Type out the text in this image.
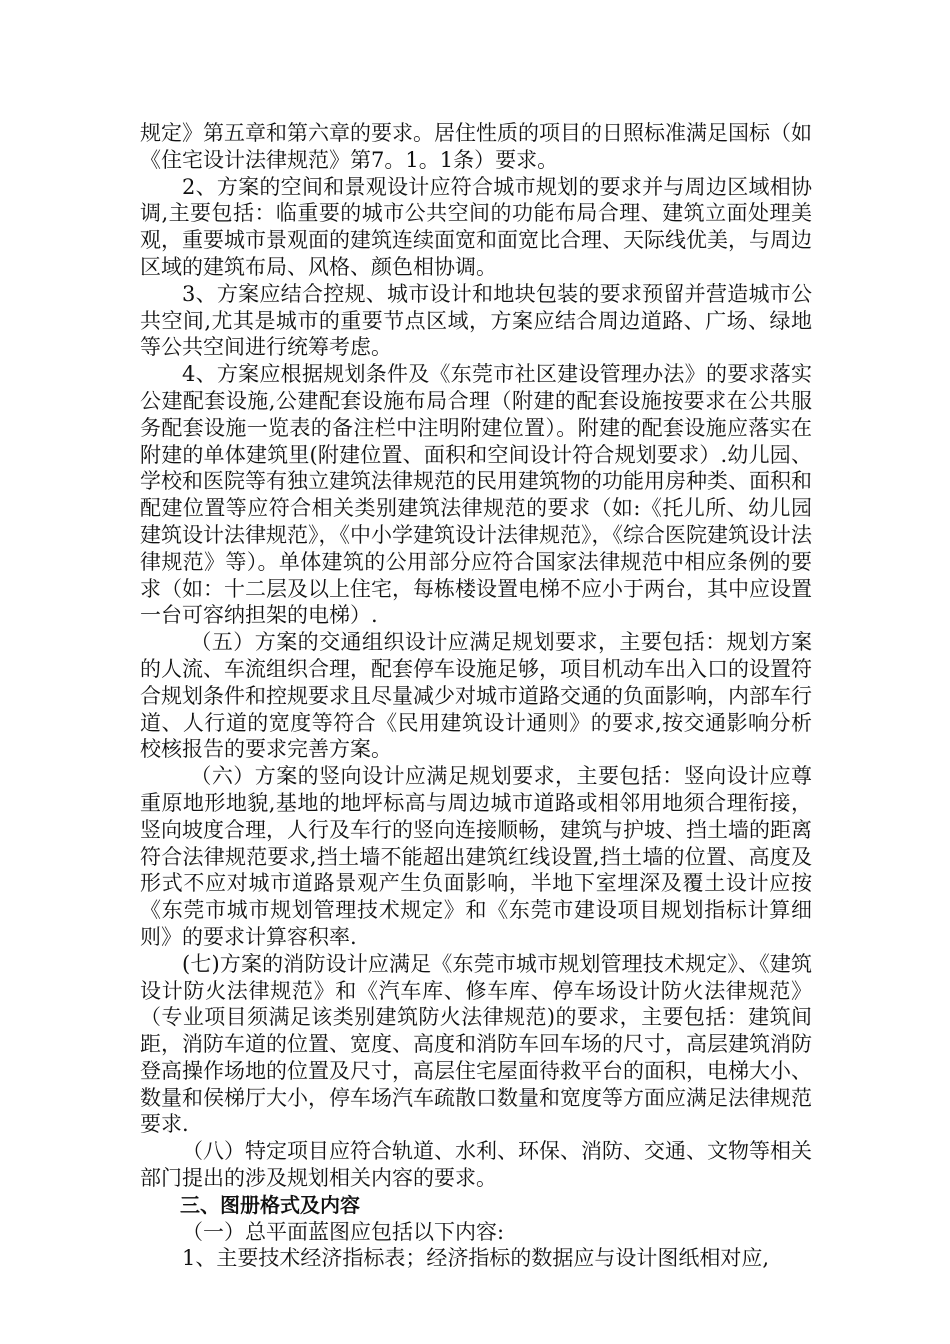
规定》第五章和第六章的要求。居住性质的项目的日照标准满足国标（如《住宅设计法律规范》第7。1。1条）要求。

2、方案的空间和景观设计应符合城市规划的要求并与周边区域相协调,主要包括：临重要的城市公共空间的功能布局合理、建筑立面处理美观，重要城市景观面的建筑连续面宽和面宽比合理、天际线优美，与周边区域的建筑布局、风格、颜色相协调。

3、方案应结合控规、城市设计和地块包装的要求预留并营造城市公共空间,尤其是城市的重要节点区域，方案应结合周边道路、广场、绿地等公共空间进行统筹考虑。

4、方案应根据规划条件及《东莞市社区建设管理办法》的要求落实公建配套设施,公建配套设施布局合理（附建的配套设施按要求在公共服务配套设施一览表的备注栏中注明附建位置）。附建的配套设施应落实在附建的单体建筑里(附建位置、面积和空间设计符合规划要求）.幼儿园、学校和医院等有独立建筑法律规范的民用建筑物的功能用房种类、面积和配建位置等应符合相关类别建筑法律规范的要求（如:《托儿所、幼儿园建筑设计法律规范》，《中小学建筑设计法律规范》，《综合医院建筑设计法律规范》等）。单体建筑的公用部分应符合国家法律规范中相应条例的要求（如：十二层及以上住宅，每栋楼设置电梯不应小于两台，其中应设置一台可容纳担架的电梯）.

（五）方案的交通组织设计应满足规划要求，主要包括：规划方案的人流、车流组织合理，配套停车设施足够，项目机动车出入口的设置符合规划条件和控规要求且尽量减少对城市道路交通的负面影响，内部车行道、人行道的宽度等符合《民用建筑设计通则》的要求,按交通影响分析校核报告的要求完善方案。

（六）方案的竖向设计应满足规划要求，主要包括：竖向设计应尊重原地形地貌,基地的地坪标高与周边城市道路或相邻用地须合理衔接，竖向坡度合理，人行及车行的竖向连接顺畅，建筑与护坡、挡土墙的距离符合法律规范要求,挡土墙不能超出建筑红线设置,挡土墙的位置、高度及形式不应对城市道路景观产生负面影响，半地下室埋深及覆土设计应按《东莞市城市规划管理技术规定》和《东莞市建设项目规划指标计算细则》的要求计算容积率.

(七)方案的消防设计应满足《东莞市城市规划管理技术规定》、《建筑设计防火法律规范》和《汽车库、修车库、停车场设计防火法律规范》（专业项目须满足该类别建筑防火法律规范)的要求，主要包括：建筑间距，消防车道的位置、宽度、高度和消防车回车场的尺寸，高层建筑消防登高操作场地的位置及尺寸，高层住宅屋面待救平台的面积，电梯大小、数量和侯梯厅大小，停车场汽车疏散口数量和宽度等方面应满足法律规范要求.

（八）特定项目应符合轨道、水利、环保、消防、交通、文物等相关部门提出的涉及规划相关内容的要求。

三、图册格式及内容

（一）总平面蓝图应包括以下内容:

1、主要技术经济指标表；经济指标的数据应与设计图纸相对应,
